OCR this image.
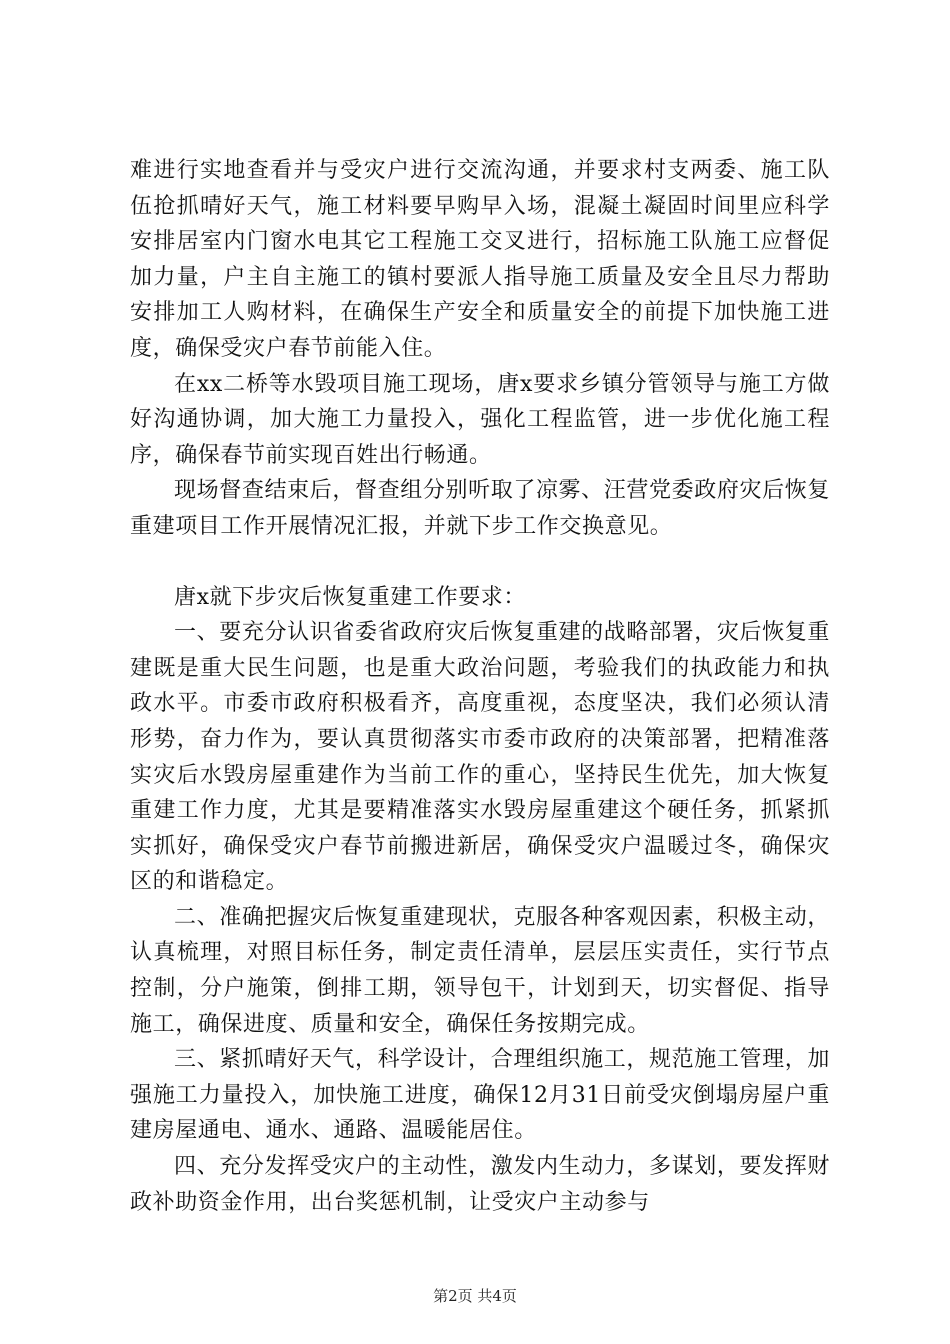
难进行实地查看并与受灾户进行交流沟通，并要求村支两委、施工队伍抢抓晴好天气，施工材料要早购早入场，混凝土凝固时间里应科学安排居室内门窗水电其它工程施工交叉进行，招标施工队施工应督促加力量，户主自主施工的镇村要派人指导施工质量及安全且尽力帮助安排加工人购材料，在确保生产安全和质量安全的前提下加快施工进度，确保受灾户春节前能入住。

在xx二桥等水毁项目施工现场，唐x要求乡镇分管领导与施工方做好沟通协调，加大施工力量投入，强化工程监管，进一步优化施工程序，确保春节前实现百姓出行畅通。

现场督查结束后，督查组分别听取了凉雾、汪营党委政府灾后恢复重建项目工作开展情况汇报，并就下步工作交换意见。

唐x就下步灾后恢复重建工作要求：

一、要充分认识省委省政府灾后恢复重建的战略部署，灾后恢复重建既是重大民生问题，也是重大政治问题，考验我们的执政能力和执政水平。市委市政府积极看齐，高度重视，态度坚决，我们必须认清形势，奋力作为，要认真贯彻落实市委市政府的决策部署，把精准落实灾后水毁房屋重建作为当前工作的重心，坚持民生优先，加大恢复重建工作力度，尤其是要精准落实水毁房屋重建这个硬任务，抓紧抓实抓好，确保受灾户春节前搬进新居，确保受灾户温暖过冬，确保灾区的和谐稳定。

二、准确把握灾后恢复重建现状，克服各种客观因素，积极主动，认真梳理，对照目标任务，制定责任清单，层层压实责任，实行节点控制，分户施策，倒排工期，领导包干，计划到天，切实督促、指导施工，确保进度、质量和安全，确保任务按期完成。

三、紧抓晴好天气，科学设计，合理组织施工，规范施工管理，加强施工力量投入，加快施工进度，确保12月31日前受灾倒塌房屋户重建房屋通电、通水、通路、温暖能居住。

四、充分发挥受灾户的主动性，激发内生动力，多谋划，要发挥财政补助资金作用，出台奖惩机制，让受灾户主动参与

第2页 共4页
